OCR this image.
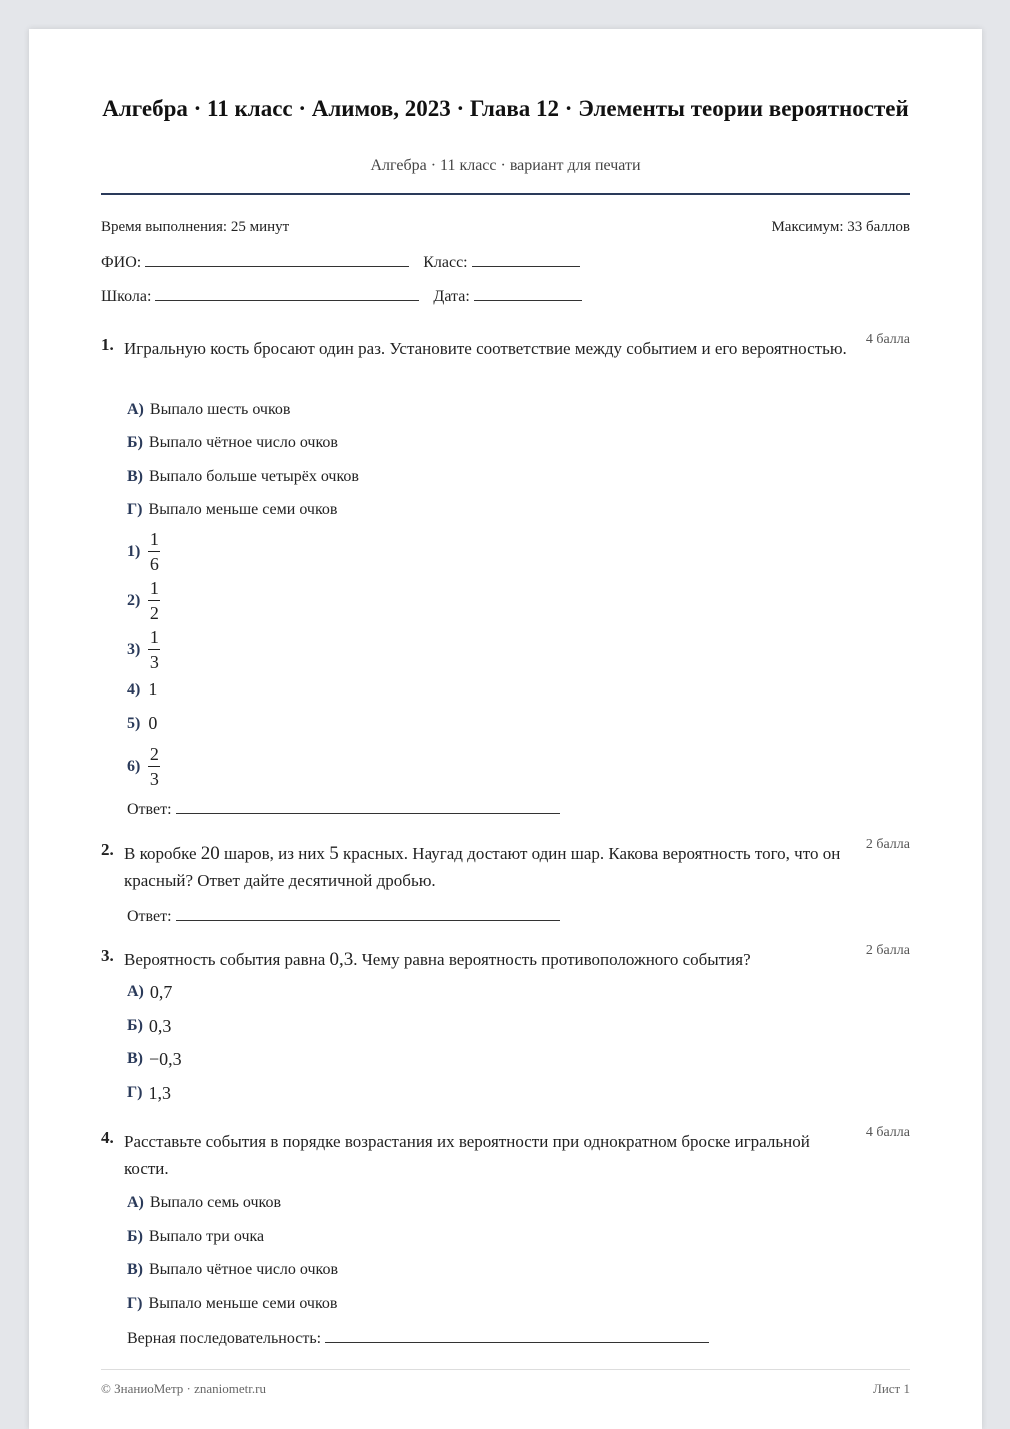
Алгебра · 11 класс · Алимов, 2023 · Глава 12 · Элементы теории вероятностей
Алгебра · 11 класс · вариант для печати
Время выполнения: 25 минут	Максимум: 33 баллов
ФИО:	Класс:
Школа:	Дата:
1. Игральную кость бросают один раз. Установите соответствие между событием и его вероятностью.	4 балла
А) Выпало шесть очков
Б) Выпало чётное число очков
В) Выпало больше четырёх очков
Г) Выпало меньше семи очков
$1) \frac{1}{6}$
$2) \frac{1}{2}$
$3) \frac{1}{3}$
4) 1
5) 0
$6) \frac{2}{3}$
Ответ:
2. В коробке 20 шаров, из них 5 красных. Наугад достают один шар. Какова вероятность того, что он красный? Ответ дайте десятичной дробью.
2 балла
Ответ:
3. Вероятность события равна 0,3. Чему равна вероятность противоположного события?	2 балла
А) 0,7
Б) 0,3
В) −0,3
Г) 1,3
4. Расставьте события в порядке возрастания их вероятности при однократном броске игральной кости.
4 балла
А) Выпало семь очков
Б) Выпало три очка
В) Выпало чётное число очков
Г) Выпало меньше семи очков
Верная последовательность:
© ЗнаниоМетр · znaniometr.ru	Лист 1
